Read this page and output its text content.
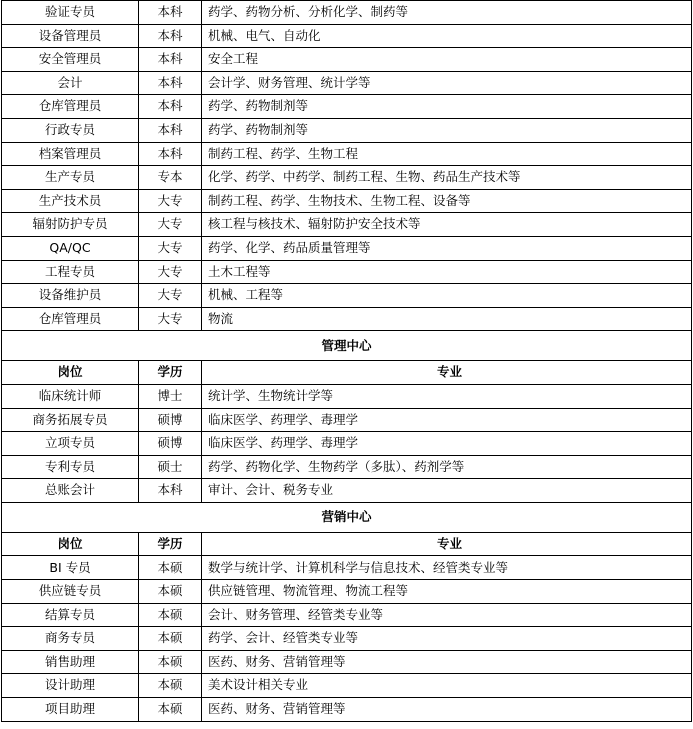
验证专员	本科	药学、药物分析、分析化学、制药等
设备管理员	本科	机械、电气、自动化
安全管理员	本科	安全工程
会计	本科	会计学、财务管理、统计学等
仓库管理员	本科	药学、药物制剂等
行政专员	本科	药学、药物制剂等
档案管理员	本科	制药工程、药学、生物工程
生产专员	专本	化学、药学、中药学、制药工程、生物、药品生产技术等
生产技术员	大专	制药工程、药学、生物技术、生物工程、设备等
辐射防护专员	大专	核工程与核技术、辐射防护安全技术等
QA/QC	大专	药学、化学、药品质量管理等
工程专员	大专	土木工程等
设备维护员	大专	机械、工程等
仓库管理员	大专	物流
管理中心		
岗位	学历	专业
临床统计师	博士	统计学、生物统计学等
商务拓展专员	硕博	临床医学、药理学、毒理学
立项专员	硕博	临床医学、药理学、毒理学
专利专员	硕士	药学、药物化学、生物药学（多肽）、药剂学等
总账会计	本科	审计、会计、税务专业
营销中心		
岗位	学历	专业
BI 专员	本硕	数学与统计学、计算机科学与信息技术、经管类专业等
供应链专员	本硕	供应链管理、物流管理、物流工程等
结算专员	本硕	会计、财务管理、经管类专业等
商务专员	本硕	药学、会计、经管类专业等
销售助理	本硕	医药、财务、营销管理等
设计助理	本硕	美术设计相关专业
项目助理	本硕	医药、财务、营销管理等
